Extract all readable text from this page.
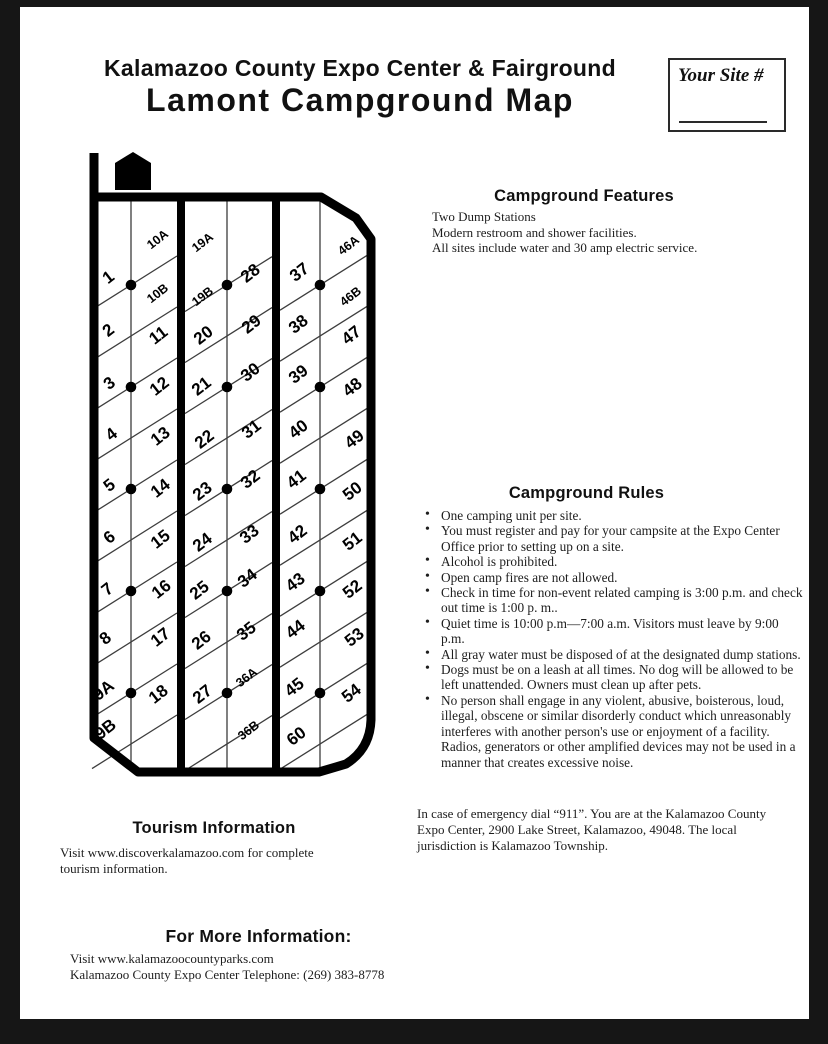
Kalamazoo County Expo Center & Fairground
Lamont Campground Map
Your Site #
1
2
3
4
5
6
7
8
9A
9B
10A
10B
11
12
13
14
15
16
17
18
19A
19B
20
21
22
23
24
25
26
27
28
29
30
31
32
33
34
35
36A
36B
37
38
39
40
41
42
43
44
45
60
46A
46B
47
48
49
50
51
52
53
54
RR
Campground Features
Two Dump Stations
Modern restroom and shower facilities.
All sites include water and 30 amp electric service.
Campground Rules
• One camping unit per site.
• You must register and pay for your campsite at the Expo Center Office prior to setting up on a site.
• Alcohol is prohibited.
• Open camp fires are not allowed.
• Check in time for non-event related camping is 3:00 p.m. and check out time is 1:00 p. m..
• Quiet time is 10:00 p.m—7:00 a.m. Visitors must leave by 9:00 p.m.
• All gray water must be disposed of at the designated dump stations.
• Dogs must be on a leash at all times. No dog will be allowed to be left unattended. Owners must clean up after pets.
• No person shall engage in any violent, abusive, boisterous, loud, illegal, obscene or similar disorderly conduct which unreasonably interferes with another person's use or enjoyment of a facility. Radios, generators or other amplified devices may not be used in a manner that creates excessive noise.
In case of emergency dial “911”. You are at the Kalamazoo County Expo Center, 2900 Lake Street, Kalamazoo, 49048. The local jurisdiction is Kalamazoo Township.
Tourism Information
Visit www.discoverkalamazoo.com for complete tourism information.
For More Information:
Visit www.kalamazoocountyparks.com
Kalamazoo County Expo Center Telephone: (269) 383-8778
